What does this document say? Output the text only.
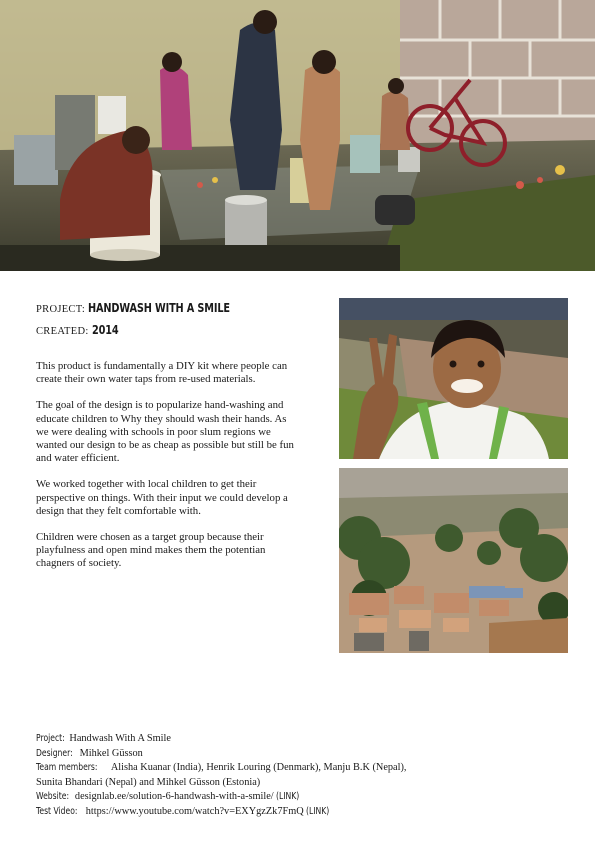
PROJECT: HANDWASH WITH A SMILE
CREATED: 2014

This product is fundamentally a DIY kit where people can create their own water taps from re-used materials.

The goal of the design is to popularize hand-washing and educate children to Why they should wash their hands. As we were dealing with schools in poor slum regions we wanted our design to be as cheap as possible but still be fun and water efficient.

We worked together with local children to get their perspective on things. With their input we could develop a design that they felt comfortable with.

Children were chosen as a target group because their playfulness and open mind makes them the potentian chagners of society.

Project: Handwash With A Smile
Designer: Mihkel Güsson
Team members: Alisha Kuanar (India), Henrik Louring (Denmark), Manju B.K (Nepal),
Sunita Bhandari (Nepal) and Mihkel Güsson (Estonia)
Website: designlab.ee/solution-6-handwash-with-a-smile/ (LINK)
Test Video: https://www.youtube.com/watch?v=EXYgzZk7FmQ (LINK)
